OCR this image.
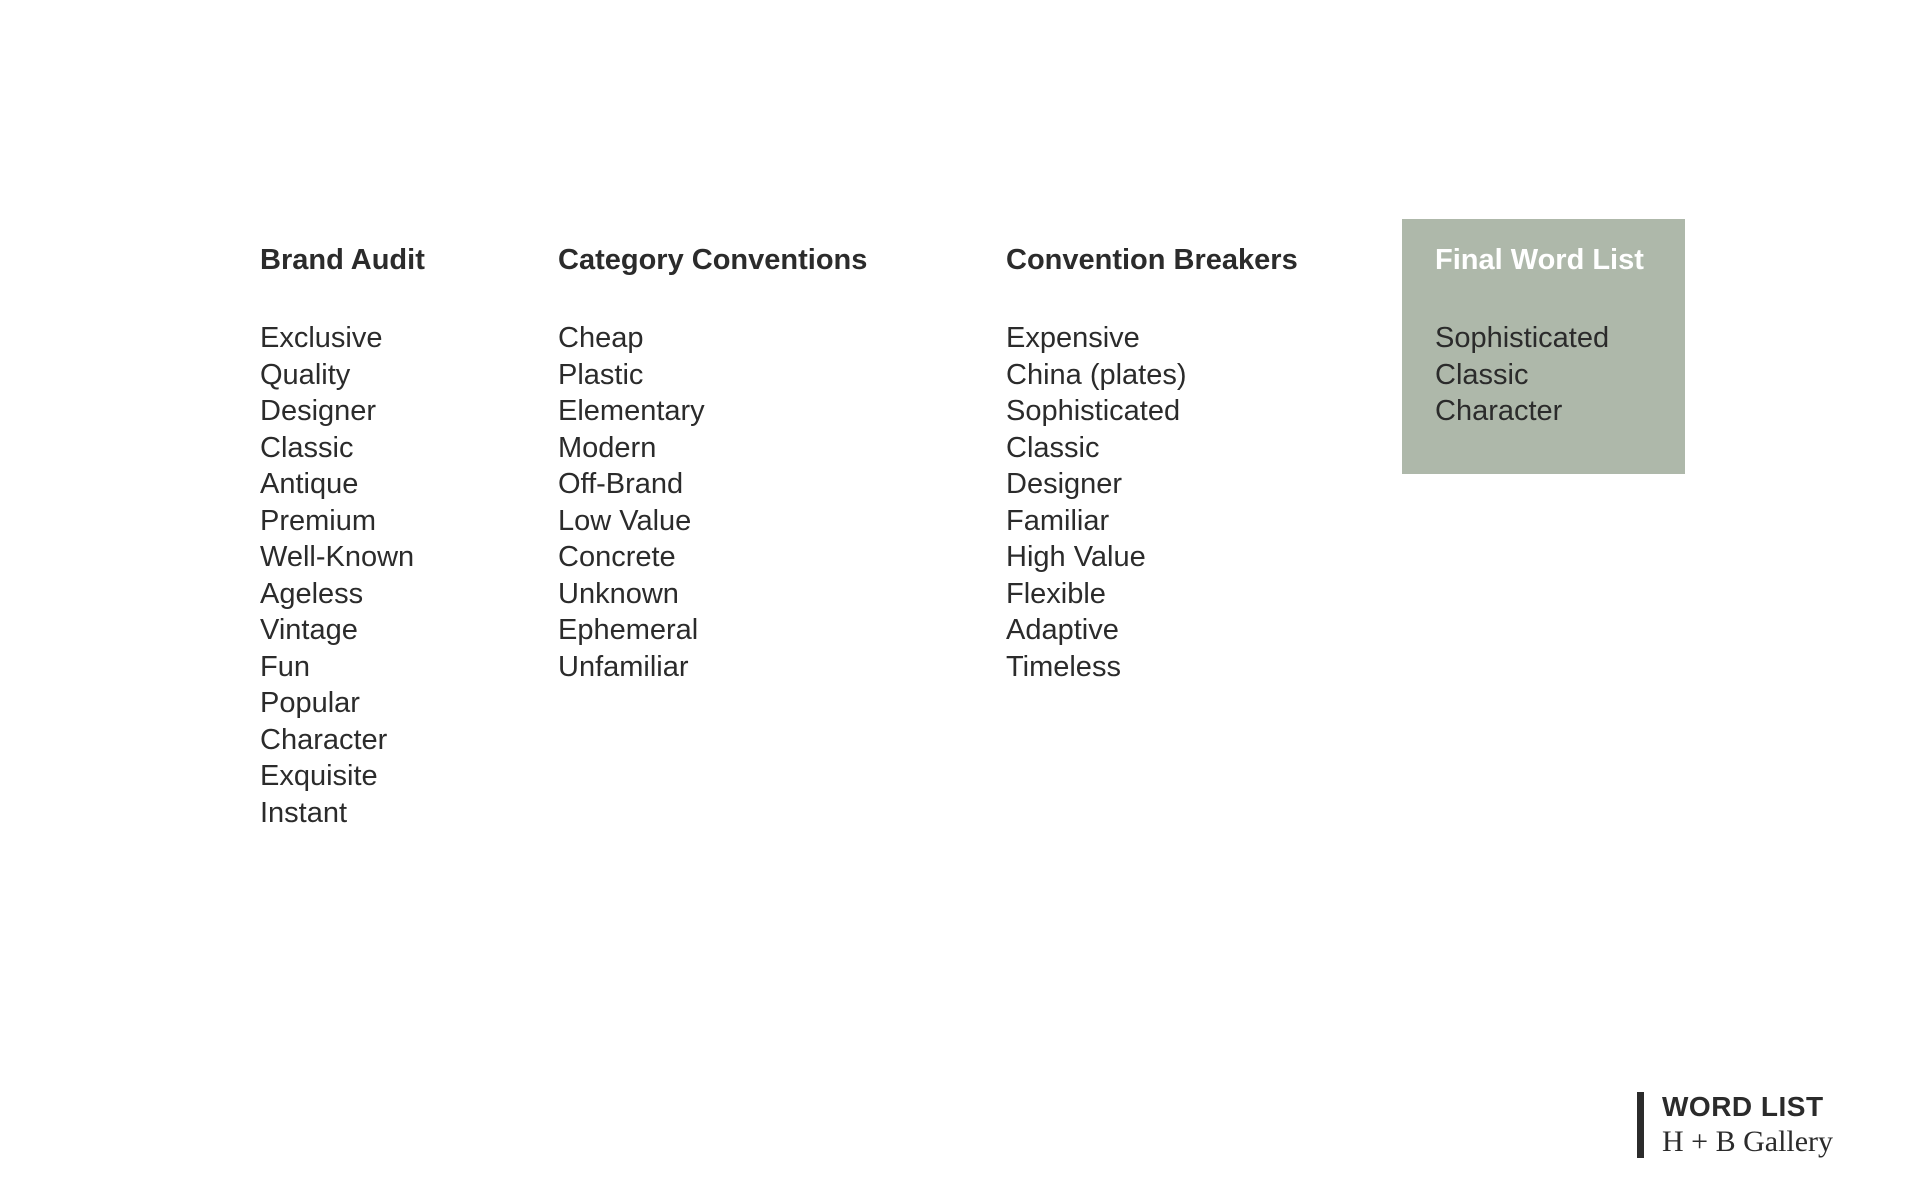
Brand Audit
Exclusive
Quality
Designer
Classic
Antique
Premium
Well-Known
Ageless
Vintage
Fun
Popular
Character
Exquisite
Instant
Category Conventions
Cheap
Plastic
Elementary
Modern
Off-Brand
Low Value
Concrete
Unknown
Ephemeral
Unfamiliar
Convention Breakers
Expensive
China (plates)
Sophisticated
Classic
Designer
Familiar
High Value
Flexible
Adaptive
Timeless
Final Word List
Sophisticated
Classic
Character
WORD LIST
H + B Gallery
